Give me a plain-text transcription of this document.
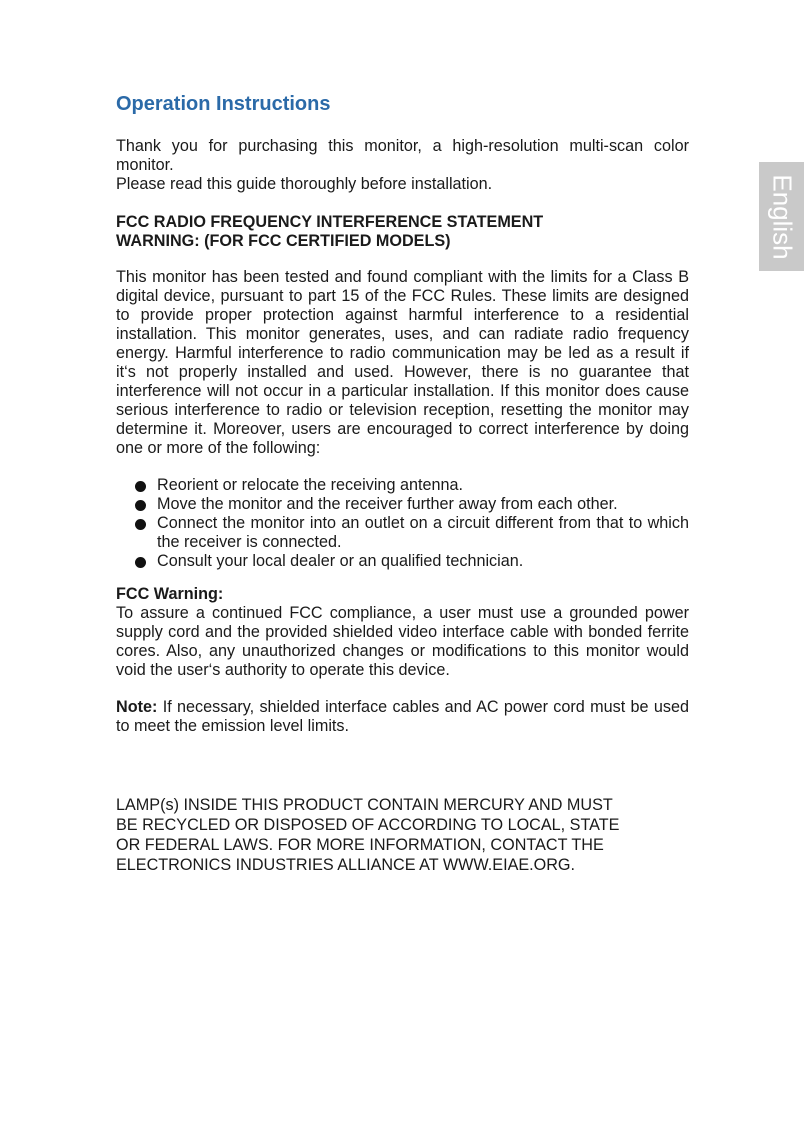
English
Operation Instructions

Thank you for purchasing this monitor, a high-resolution multi-scan color monitor.
Please read this guide thoroughly before installation.

FCC RADIO FREQUENCY INTERFERENCE STATEMENT
WARNING: (FOR FCC CERTIFIED MODELS)

This monitor has been tested and found compliant with the limits for a Class B digital device, pursuant to part 15 of the FCC Rules. These limits are designed to provide proper protection against harmful interference to a residential installation. This monitor generates, uses, and can radiate radio frequency energy. Harmful interference to radio communication may be led as a result if it‘s not properly installed and used. However, there is no guarantee that interference will not occur in a particular installation. If this monitor does cause serious interference to radio or television reception, resetting the monitor may determine it. Moreover, users are encouraged to correct interference by doing one or more of the following:

Reorient or relocate the receiving antenna.
Move the monitor and the receiver further away from each other.
Connect the monitor into an outlet on a circuit different from that to which the receiver is connected.
Consult your local dealer or an qualified technician.

FCC Warning:

To assure a continued FCC compliance, a user must use a grounded power supply cord and the provided shielded video interface cable with bonded ferrite cores. Also, any unauthorized changes or modifications to this monitor would void the user‘s authority to operate this device.

Note: If necessary, shielded interface cables and AC power cord must be used to meet the emission level limits.

LAMP(s) INSIDE THIS PRODUCT CONTAIN MERCURY AND MUST
BE RECYCLED OR DISPOSED OF ACCORDING TO LOCAL, STATE
OR FEDERAL LAWS. FOR MORE INFORMATION, CONTACT THE
ELECTRONICS INDUSTRIES ALLIANCE AT WWW.EIAE.ORG.
